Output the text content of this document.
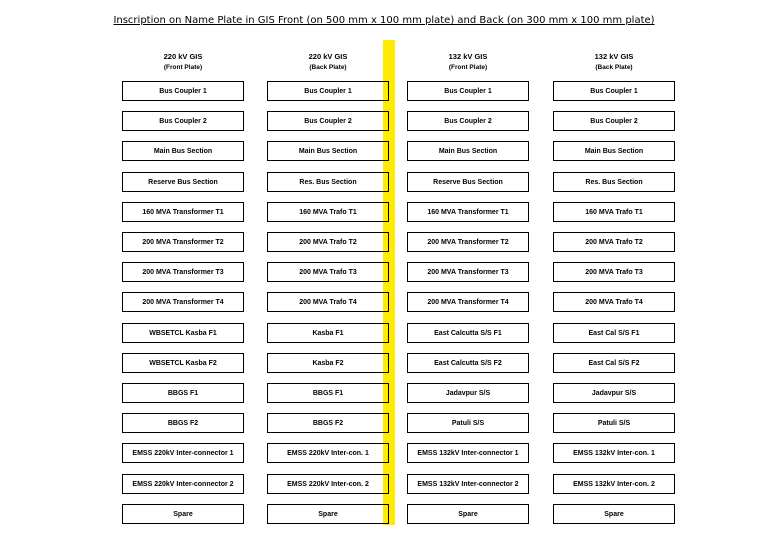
Inscription on Name Plate in GIS Front (on 500 mm x 100 mm plate) and Back (on 300 mm x 100 mm plate)
220 kV GIS
(Front Plate)
Bus Coupler 1
Bus Coupler 2
Main Bus Section
Reserve Bus Section
160 MVA Transformer T1
200 MVA Transformer T2
200 MVA Transformer T3
200 MVA Transformer T4
WBSETCL Kasba F1
WBSETCL Kasba F2
BBGS F1
BBGS F2
EMSS 220kV Inter-connector 1
EMSS 220kV Inter-connector 2
Spare
220 kV GIS
(Back Plate)
Bus Coupler 1
Bus Coupler 2
Main Bus Section
Res. Bus Section
160 MVA Trafo T1
200 MVA Trafo T2
200 MVA Trafo T3
200 MVA Trafo T4
Kasba F1
Kasba F2
BBGS F1
BBGS F2
EMSS 220kV Inter-con. 1
EMSS 220kV Inter-con. 2
Spare
132 kV GIS
(Front Plate)
Bus Coupler 1
Bus Coupler 2
Main Bus Section
Reserve Bus Section
160 MVA Transformer T1
200 MVA Transformer T2
200 MVA Transformer T3
200 MVA Transformer T4
East Calcutta S/S F1
East Calcutta S/S F2
Jadavpur S/S
Patuli S/S
EMSS 132kV Inter-connector 1
EMSS 132kV Inter-connector 2
Spare
132 kV GIS
(Back Plate)
Bus Coupler 1
Bus Coupler 2
Main Bus Section
Res. Bus Section
160 MVA Trafo T1
200 MVA Trafo T2
200 MVA Trafo T3
200 MVA Trafo T4
East Cal S/S F1
East Cal S/S F2
Jadavpur S/S
Patuli S/S
EMSS 132kV Inter-con. 1
EMSS 132kV Inter-con. 2
Spare
